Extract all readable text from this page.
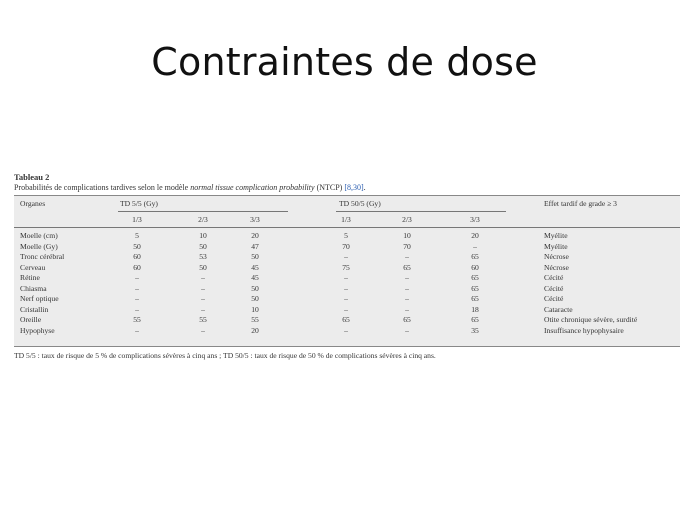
Contraintes de dose
Tableau 2
Probabilités de complications tardives selon le modèle normal tissue complication probability (NTCP) [8,30].
Organes	TD 5/5 (Gy)	TD 50/5 (Gy)	Effet tardif de grade ≥ 3
1/3	2/3	3/3	1/3	2/3	3/3
Moelle (cm)	5	10	20	5	10	20	Myélite
Moelle (Gy)	50	50	47	70	70	–	Myélite
Tronc cérébral	60	53	50	–	–	65	Nécrose
Cerveau	60	50	45	75	65	60	Nécrose
Rétine	–	–	45	–	–	65	Cécité
Chiasma	–	–	50	–	–	65	Cécité
Nerf optique	–	–	50	–	–	65	Cécité
Cristallin	–	–	10	–	–	18	Cataracte
Oreille	55	55	55	65	65	65	Otite chronique sévère, surdité
Hypophyse	–	–	20	–	–	35	Insuffisance hypophysaire
TD 5/5 : taux de risque de 5 % de complications sévères à cinq ans ; TD 50/5 : taux de risque de 50 % de complications sévères à cinq ans.
